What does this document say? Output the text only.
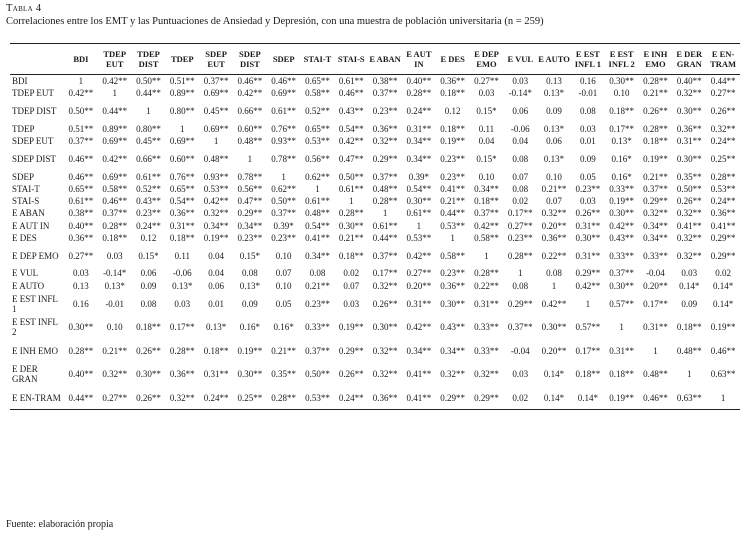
Tabla 4
Correlaciones entre los EMT y las Puntuaciones de Ansiedad y Depresión, con una muestra de población universitaria (n = 259)
	BDI	TDEP EUT	TDEP DIST	TDEP	SDEP EUT	SDEP DIST	SDEP	STAI-T	STAI-S	E ABAN	E AUT IN	E DES	E DEP EMO	E VUL	E AUTO	E EST INFL 1	E EST INFL 2	E INH EMO	E DER GRAN	E EN-TRAM
BDI	1	0.42**	0.50**	0.51**	0.37**	0.46**	0.46**	0.65**	0.61**	0.38**	0.40**	0.36**	0.27**	0.03	0.13	0.16	0.30**	0.28**	0.40**	0.44**
TDEP EUT	0.42**	1	0.44**	0.89**	0.69**	0.42**	0.69**	0.58**	0.46**	0.37**	0.28**	0.18**	0.03	-0.14*	0.13*	-0.01	0.10	0.21**	0.32**	0.27**
TDEP DIST	0.50**	0.44**	1	0.80**	0.45**	0.66**	0.61**	0.52**	0.43**	0.23**	0.24**	0.12	0.15*	0.06	0.09	0.08	0.18**	0.26**	0.30**	0.26**
TDEP	0.51**	0.89**	0.80**	1	0.69**	0.60**	0.76**	0.65**	0.54**	0.36**	0.31**	0.18**	0.11	-0.06	0.13*	0.03	0.17**	0.28**	0.36**	0.32**
SDEP EUT	0.37**	0.69**	0.45**	0.69**	1	0.48**	0.93**	0.53**	0.42**	0.32**	0.34**	0.19**	0.04	0.04	0.06	0.01	0.13*	0.18**	0.31**	0.24**
SDEP DIST	0.46**	0.42**	0.66**	0.60**	0.48**	1	0.78**	0.56**	0.47**	0.29**	0.34**	0.23**	0.15*	0.08	0.13*	0.09	0.16*	0.19**	0.30**	0.25**
SDEP	0.46**	0.69**	0.61**	0.76**	0.93**	0.78**	1	0.62**	0.50**	0.37**	0.39*	0.23**	0.10	0.07	0.10	0.05	0.16*	0.21**	0.35**	0.28**
STAI-T	0.65**	0.58**	0.52**	0.65**	0.53**	0.56**	0.62**	1	0.61**	0.48**	0.54**	0.41**	0.34**	0.08	0.21**	0.23**	0.33**	0.37**	0.50**	0.53**
STAI-S	0.61**	0.46**	0.43**	0.54**	0.42**	0.47**	0.50**	0.61**	1	0.28**	0.30**	0.21**	0.18**	0.02	0.07	0.03	0.19**	0.29**	0.26**	0.24**
E ABAN	0.38**	0.37**	0.23**	0.36**	0.32**	0.29**	0.37**	0.48**	0.28**	1	0.61**	0.44**	0.37**	0.17**	0.32**	0.26**	0.30**	0.32**	0.32**	0.36**
E AUT IN	0.40**	0.28**	0.24**	0.31**	0.34**	0.34**	0.39*	0.54**	0.30**	0.61**	1	0.53**	0.42**	0.27**	0.20**	0.31**	0.42**	0.34**	0.41**	0.41**
E DES	0.36**	0.18**	0.12	0.18**	0.19**	0.23**	0.23**	0.41**	0.21**	0.44**	0.53**	1	0.58**	0.23**	0.36**	0.30**	0.43**	0.34**	0.32**	0.29**
E DEP EMO	0.27**	0.03	0.15*	0.11	0.04	0.15*	0.10	0.34**	0.18**	0.37**	0.42**	0.58**	1	0.28**	0.22**	0.31**	0.33**	0.33**	0.32**	0.29**
E VUL	0.03	-0.14*	0.06	-0.06	0.04	0.08	0.07	0.08	0.02	0.17**	0.27**	0.23**	0.28**	1	0.08	0.29**	0.37**	-0.04	0.03	0.02
E AUTO	0.13	0.13*	0.09	0.13*	0.06	0.13*	0.10	0.21**	0.07	0.32**	0.20**	0.36**	0.22**	0.08	1	0.42**	0.30**	0.20**	0.14*	0.14*
E EST INFL 1	0.16	-0.01	0.08	0.03	0.01	0.09	0.05	0.23**	0.03	0.26**	0.31**	0.30**	0.31**	0.29**	0.42**	1	0.57**	0.17**	0.09	0.14*
E EST INFL 2	0.30**	0.10	0.18**	0.17**	0.13*	0.16*	0.16*	0.33**	0.19**	0.30**	0.42**	0.43**	0.33**	0.37**	0.30**	0.57**	1	0.31**	0.18**	0.19**
E INH EMO	0.28**	0.21**	0.26**	0.28**	0.18**	0.19**	0.21**	0.37**	0.29**	0.32**	0.34**	0.34**	0.33**	-0.04	0.20**	0.17**	0.31**	1	0.48**	0.46**
E DER GRAN	0.40**	0.32**	0.30**	0.36**	0.31**	0.30**	0.35**	0.50**	0.26**	0.32**	0.41**	0.32**	0.32**	0.03	0.14*	0.18**	0.18**	0.48**	1	0.63**
E EN-TRAM	0.44**	0.27**	0.26**	0.32**	0.24**	0.25**	0.28**	0.53**	0.24**	0.36**	0.41**	0.29**	0.29**	0.02	0.14*	0.14*	0.19**	0.46**	0.63**	1
Fuente: elaboración propia
